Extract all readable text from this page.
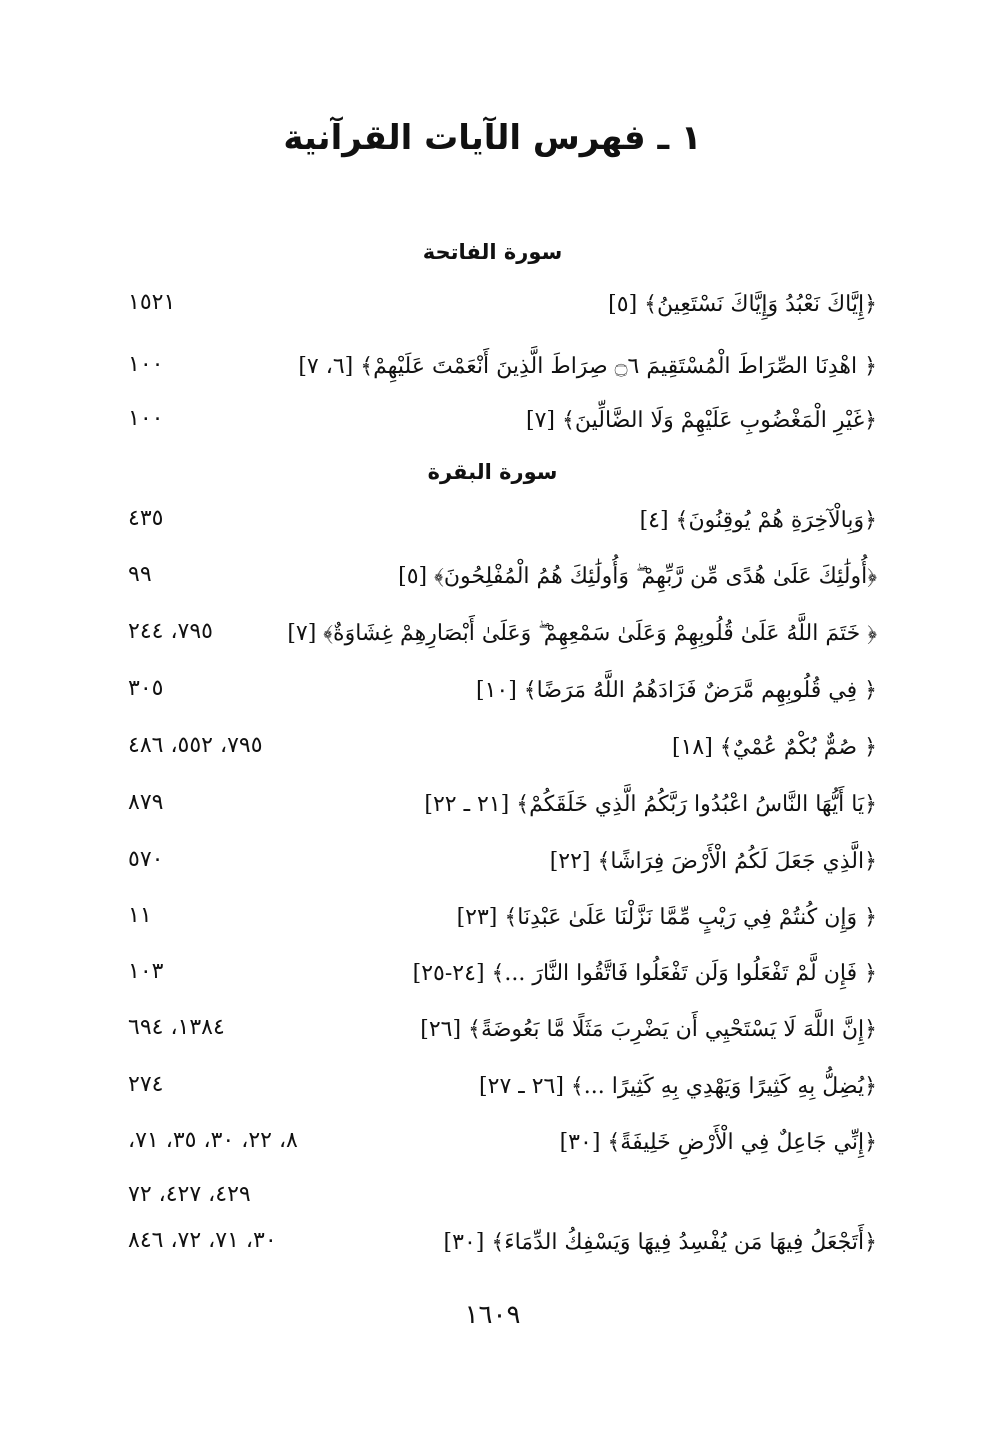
١ ـ فهرس الآيات القرآنية
سورة الفاتحة
﴿إِيَّاكَ نَعْبُدُ وَإِيَّاكَ نَسْتَعِينُ﴾ [٥]
١٥٢١
﴿ اهْدِنَا الصِّرَاطَ الْمُسْتَقِيمَ ۝٦ صِرَاطَ الَّذِينَ أَنْعَمْتَ عَلَيْهِمْ﴾ [٦، ٧]
١٠٠
﴿غَيْرِ الْمَغْضُوبِ عَلَيْهِمْ وَلَا الضَّالِّينَ﴾ [٧]
١٠٠
سورة البقرة
﴿وَبِالْآخِرَةِ هُمْ يُوقِنُونَ﴾ [٤]
٤٣٥
﴿أُولَٰئِكَ عَلَىٰ هُدًى مِّن رَّبِّهِمْ ۖ وَأُولَٰئِكَ هُمُ الْمُفْلِحُونَ﴾ [٥]
٩٩
﴿ خَتَمَ اللَّهُ عَلَىٰ قُلُوبِهِمْ وَعَلَىٰ سَمْعِهِمْ ۖ وَعَلَىٰ أَبْصَارِهِمْ غِشَاوَةٌ﴾ [٧]
٧٩٥، ٢٤٤
﴿ فِي قُلُوبِهِم مَّرَضٌ فَزَادَهُمُ اللَّهُ مَرَضًا﴾ [١٠]
٣٠٥
﴿ صُمٌّ بُكْمٌ عُمْيٌ﴾ [١٨]
٧٩٥، ٥٥٢، ٤٨٦
﴿يَا أَيُّهَا النَّاسُ اعْبُدُوا رَبَّكُمُ الَّذِي خَلَقَكُمْ﴾ [٢١ ـ ٢٢]
٨٧٩
﴿الَّذِي جَعَلَ لَكُمُ الْأَرْضَ فِرَاشًا﴾ [٢٢]
٥٧٠
﴿ وَإِن كُنتُمْ فِي رَيْبٍ مِّمَّا نَزَّلْنَا عَلَىٰ عَبْدِنَا﴾ [٢٣]
١١
﴿ فَإِن لَّمْ تَفْعَلُوا وَلَن تَفْعَلُوا فَاتَّقُوا النَّارَ ...﴾ [٢٤-٢٥]
١٠٣
﴿إِنَّ اللَّهَ لَا يَسْتَحْيِي أَن يَضْرِبَ مَثَلًا مَّا بَعُوضَةً﴾ [٢٦]
١٣٨٤، ٦٩٤
﴿يُضِلُّ بِهِ كَثِيرًا وَيَهْدِي بِهِ كَثِيرًا ...﴾ [٢٦ ـ ٢٧]
٢٧٤
﴿إِنِّي جَاعِلٌ فِي الْأَرْضِ خَلِيفَةً﴾ [٣٠]
٨، ٢٢، ٣٠، ٣٥، ٧١،
٤٢٩، ٤٢٧، ٧٢
﴿أَتَجْعَلُ فِيهَا مَن يُفْسِدُ فِيهَا وَيَسْفِكُ الدِّمَاءَ﴾ [٣٠]
٣٠، ٧١، ٧٢، ٨٤٦
١٦٠٩
